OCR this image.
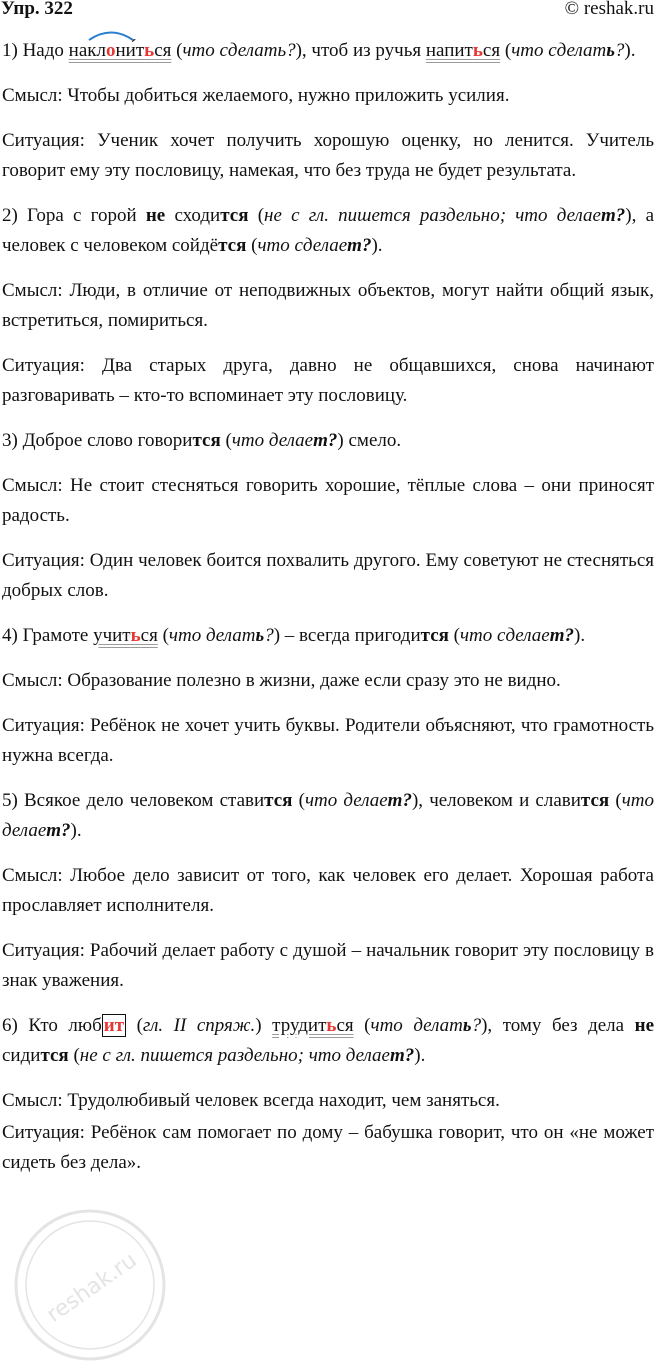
Упр. 322	© reshak.ru

1) Надо
наклони́ться (что сделать?), чтоб из ручья напиться (что сделать?).

Смысл: Чтобы добиться желаемого, нужно приложить усилия.

Ситуация: Ученик хочет получить хорошую оценку, но ленится. Учитель говорит ему эту пословицу, намекая, что без труда не будет результата.

2) Гора с горой не сходится (не с гл. пишется раздельно; что делает?), а человек с человеком сойдётся (что сделает?).

Смысл: Люди, в отличие от неподвижных объектов, могут найти общий язык, встретиться, помириться.

Ситуация: Два старых друга, давно не общавшихся, снова начинают разговаривать – кто-то вспоминает эту пословицу.

3) Доброе слово говорится (что делает?) смело.

Смысл: Не стоит стесняться говорить хорошие, тёплые слова – они приносят радость.

Ситуация: Один человек боится похвалить другого. Ему советуют не стесняться добрых слов.

4) Грамоте учиться (что делать?) – всегда пригодится (что сделает?).

Смысл: Образование полезно в жизни, даже если сразу это не видно.

Ситуация: Ребёнок не хочет учить буквы. Родители объясняют, что грамотность нужна всегда.

5) Всякое дело человеком ставится (что делает?), человеком и славится (что делает?).

Смысл: Любое дело зависит от того, как человек его делает. Хорошая работа прославляет исполнителя.

Ситуация: Рабочий делает работу с душой – начальник говорит эту пословицу в знак уважения.

6) Кто люб ит (гл. II спряж.) трудиться (что делать?), тому без дела не сидится (не с гл. пишется раздельно; что делает?).

Смысл: Трудолюбивый человек всегда находит, чем заняться.

Ситуация: Ребёнок сам помогает по дому – бабушка говорит, что он «не может сидеть без дела».

reshak.ru
